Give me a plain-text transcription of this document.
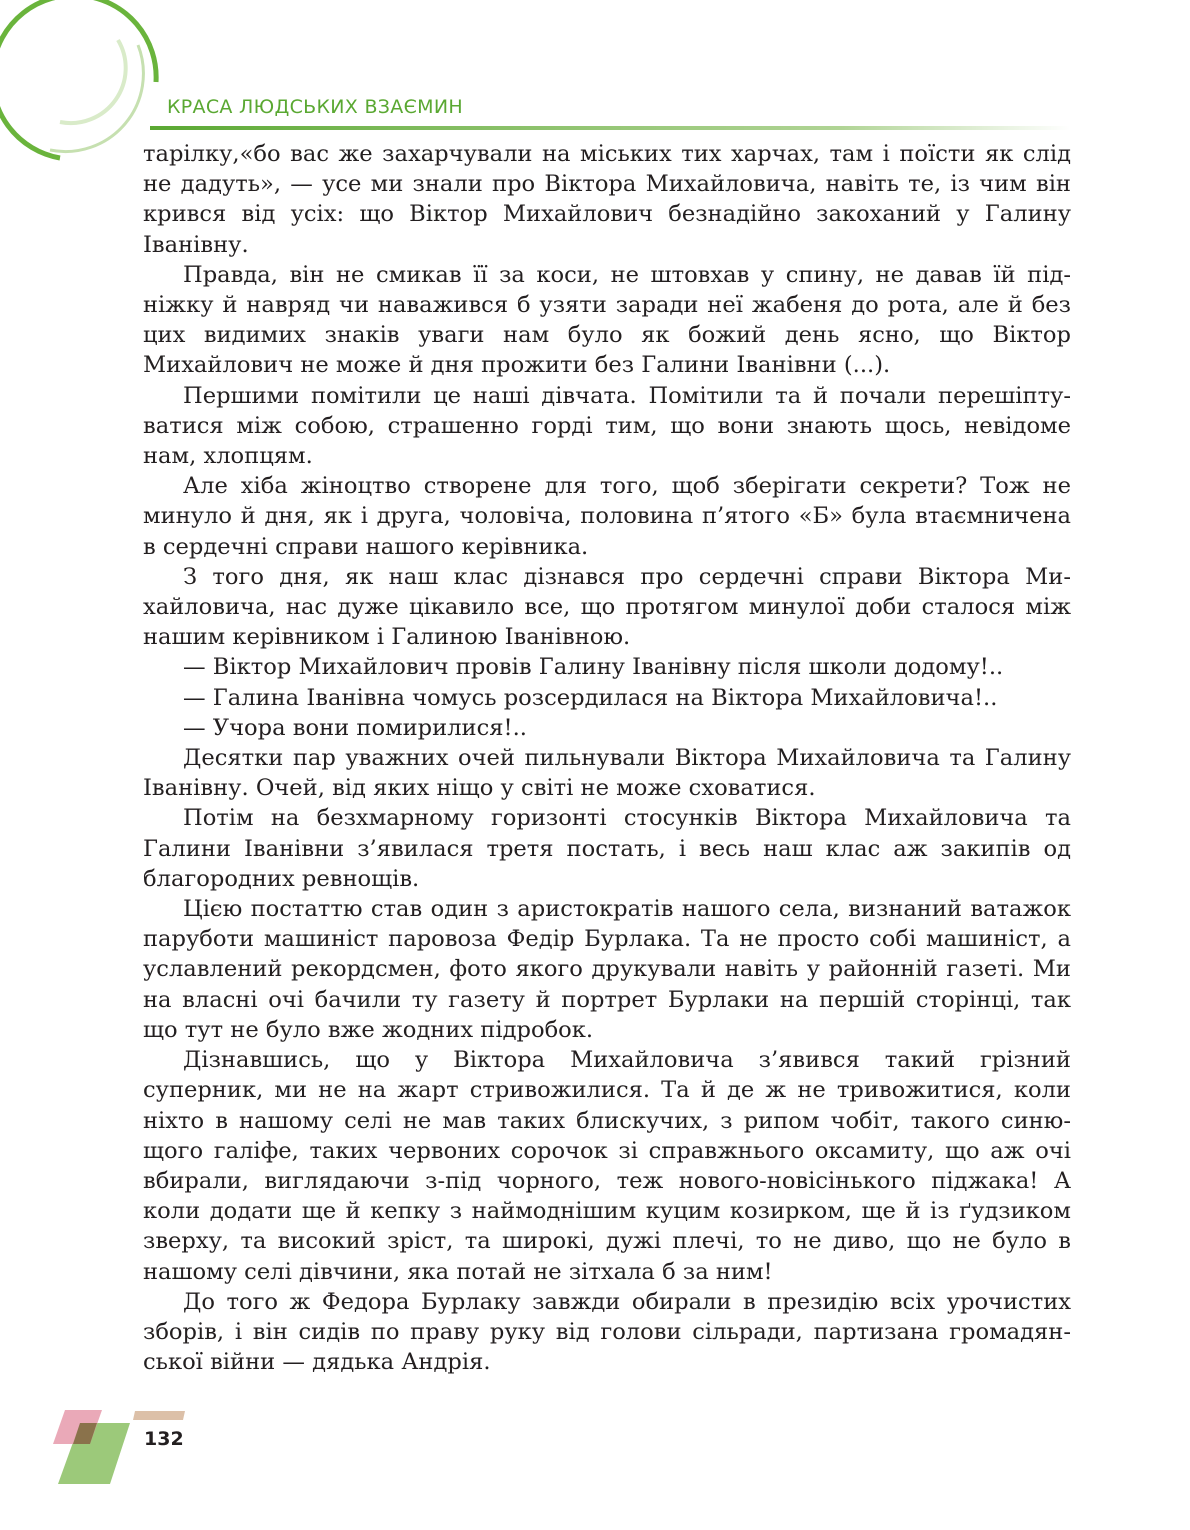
КРАСА ЛЮДСЬКИХ ВЗАЄМИН

тарілку,«бо вас же захарчували на міських тих харчах, там і поїсти як слід не дадуть», — усе ми знали про Віктора Михайловича, навіть те, із чим він крився від усіх: що Віктор Михайлович безнадійно закоханий у Галину Іванівну.

Правда, він не смикав її за коси, не штовхав у спину, не давав їй підніжку й навряд чи наважився б узяти заради неї жабеня до рота, але й без цих видимих знаків уваги нам було як божий день ясно, що Віктор Михайлович не може й дня прожити без Галини Іванівни (...).

Першими помітили це наші дівчата. Помітили та й почали перешіптуватися між собою, страшенно горді тим, що вони знають щось, невідоме нам, хлопцям.

Але хіба жіноцтво створене для того, щоб зберігати секрети? Тож не минуло й дня, як і друга, чоловіча, половина п’ятого «Б» була втаємничена в сердечні справи нашого керівника.

З того дня, як наш клас дізнався про сердечні справи Віктора Михайловича, нас дуже цікавило все, що протягом минулої доби сталося між нашим керівником і Галиною Іванівною.

— Віктор Михайлович провів Галину Іванівну після школи додому!..

— Галина Іванівна чомусь розсердилася на Віктора Михайловича!..

— Учора вони помирилися!..

Десятки пар уважних очей пильнували Віктора Михайловича та Галину Іванівну. Очей, від яких ніщо у світі не може сховатися.

Потім на безхмарному горизонті стосунків Віктора Михайловича та Галини Іванівни з’явилася третя постать, і весь наш клас аж закипів од благородних ревнощів.

Цією постаттю став один з аристократів нашого села, визнаний ватажок паруботи машиніст паровоза Федір Бурлака. Та не просто собі машиніст, а уславлений рекордсмен, фото якого друкували навіть у районній газеті. Ми на власні очі бачили ту газету й портрет Бурлаки на першій сторінці, так що тут не було вже жодних підробок.

Дізнавшись, що у Віктора Михайловича з’явився такий грізний суперник, ми не на жарт стривожилися. Та й де ж не тривожитися, коли ніхто в нашому селі не мав таких блискучих, з рипом чобіт, такого синющого галіфе, таких червоних сорочок зі справжнього оксамиту, що аж очі вбирали, виглядаючи з-під чорного, теж нового-новісінького піджака! А коли додати ще й кепку з наймоднішим куцим козирком, ще й із ґудзиком зверху, та високий зріст, та широкі, дужі плечі, то не диво, що не було в нашому селі дівчини, яка потай не зітхала б за ним!

До того ж Федора Бурлаку завжди обирали в президію всіх урочистих зборів, і він сидів по праву руку від голови сільради, партизана громадянської війни — дядька Андрія.

132
